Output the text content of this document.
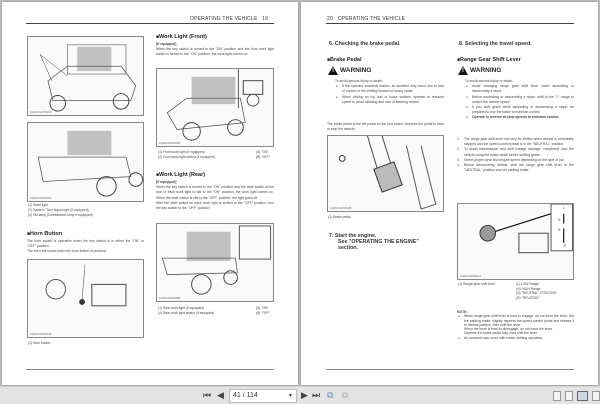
OPERATING THE VEHICLE 19
1AWACGAPF005A
1AWACGAPF006A
(1) Head light
(2) Hazard / Turn signal light (if equipped)
(3) Tail lamp (Combination lamp if equipped)
■ Horn Button
The horn switch is operative when the key switch is in either the "ON" or "OFF" position.
The horn will sound when the horn button is pressed.
1AWACGAPF041B
(1) Horn button
■ Work Light (Front)
[if equipped]
When the key switch is turned to the "ON" position and the front work light switch is turned to the "ON" position, the work light comes on.
1AWACGAPF039A
(1) Front work light (if equipped)	(A) "ON"
(2) Front work light switch (if equipped)	(B) "OFF"
■ Work Light (Rear)
[if equipped]
When the key switch is turned to the "ON" position and the slide switch at the rear of each work light is slid to the "ON" position, the work light comes on. When the slide switch is slid to the "OFF" position, the light goes off.
After the slide switch for each work light is shifted to the "OFF" position, turn the key switch to the "OFF" position.
1AWACGAPF038B
(1) Rear work light (if equipped)	(A) "ON"
(2) Rear work light switch (if equipped)	(B) "OFF"
20 OPERATING THE VEHICLE
6. Checking the brake pedal.
■ Brake Pedal
!
WARNING
To avoid serious injury or death:
● If the operator suddenly brakes, an accident may occur due to loss of control or the shifting forward of heavy loads.
● When driving on icy, wet or loose surface, operate at reduced speed to avoid skidding and loss of steering control.
The brake pedal is the left pedal on the foot board. Depress the pedal to slow or stop the vehicle.
1AWACGAPF043B
(1) Brake pedal
7. Start the engine.
See "OPERATING THE ENGINE"
section.
8. Selecting the travel speed.
■ Range Gear Shift Lever
!
WARNING
To avoid serious injury or death:
● Avoid changing range gear shift lever when ascending or descending a slope.
● Before ascending or descending a slope, shift to the "L" range to control the vehicle speed.
● If you shift gears while ascending or descending a slope, be prepared to use the brake to maintain control.
● Operate in reverse at slow speeds to maintain control.
1. The range gear shift lever can only be shifted when vehicle is completely stopped and the speed control pedal is in the "NEUTRAL" position.
2. To avoid transmission and shift linkage damage, completely stop the vehicle using the brake pedal before shifting gears.
3. Select proper gear and engine speed depending on the type of job.
4. Before dismounting vehicle, shift the range gear shift lever to the "NEUTRAL" position and set parking brake.
L
H
N
R
1AWACGAPF041A
(1) Range gear shift lever	(L) LOW Range
(H) HIGH Range
(N) "NEUTRAL" POSITION
(R) "REVERSE"
NOTE :
● When range gear shift lever is hard to engage, do not force the lever. Set the parking brake, slightly depress the speed control pedal and release it to neutral position, then shift the lever.
When the lever is hard to disengage, do not force the lever.
Depress the brake pedal fully, then shift the lever.
● An accident may occur with erratic shifting operation.
⏮ ◀	41 / 114	▼ ▶ ⏭ ⧉ ⧉
